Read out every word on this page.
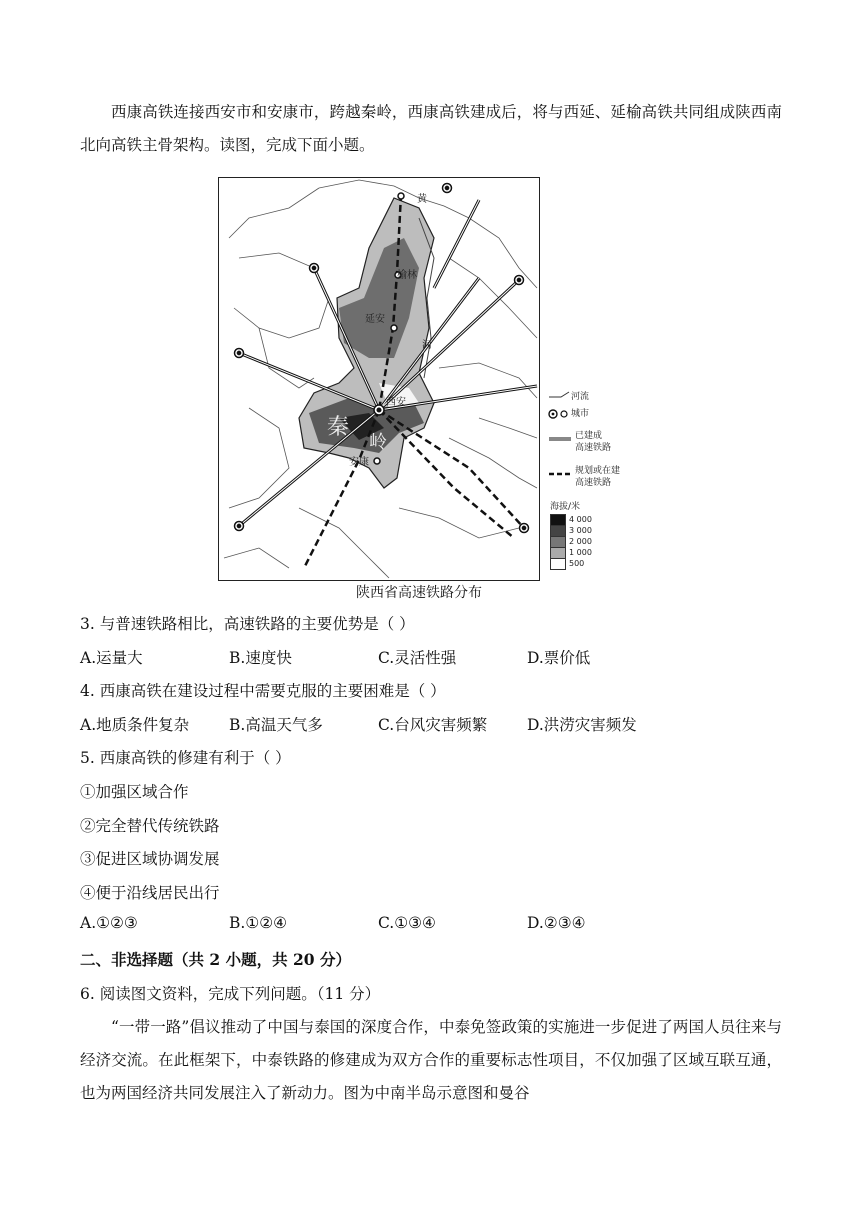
西康高铁连接西安市和安康市，跨越秦岭，西康高铁建成后，将与西延、延榆高铁共同组成陕西南北向高铁主骨架构。读图，完成下面小题。
黄
河
榆林
延安
西安
秦
岭
安康
河流
城市
已建成
高速铁路
规划或在建
高速铁路
海拔/米
$^{4 000}$
$^{3 000}$
$^{2 000}$
$^{1 000}$
$^{500}$
陕西省高速铁路分布
3. 与普速铁路相比，高速铁路的主要优势是（ ）
A.运量大	B.速度快	C.灵活性强	D.票价低
4. 西康高铁在建设过程中需要克服的主要困难是（ ）
A.地质条件复杂	B.高温天气多	C.台风灾害频繁	D.洪涝灾害频发
5. 西康高铁的修建有利于（ ）
①加强区域合作
②完全替代传统铁路
③促进区域协调发展
④便于沿线居民出行
A.①②③	B.①②④	C.①③④	D.②③④
二、非选择题（共 2 小题，共 20 分）
6. 阅读图文资料，完成下列问题。（11 分）
“一带一路”倡议推动了中国与泰国的深度合作，中泰免签政策的实施进一步促进了两国人员往来与经济交流。在此框架下，中泰铁路的修建成为双方合作的重要标志性项目，不仅加强了区域互联互通，也为两国经济共同发展注入了新动力。图为中南半岛示意图和曼谷
